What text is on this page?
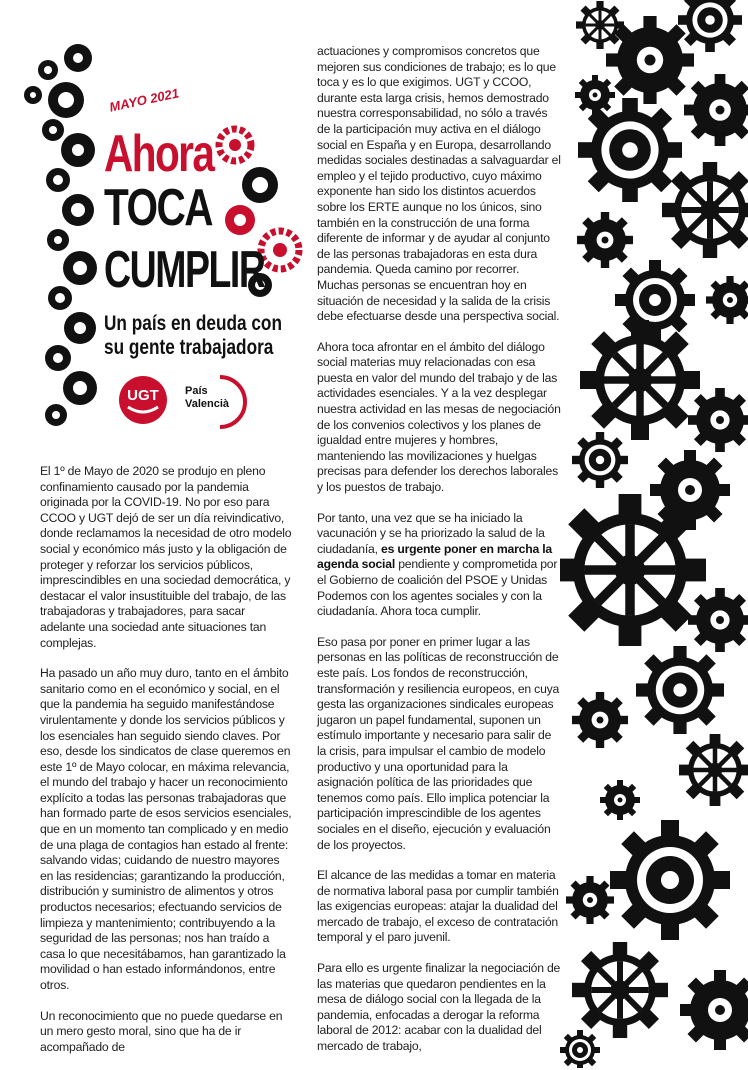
MAYO 2021
Ahora
TOCA
CUMPLIR
Un país en deuda con
su gente trabajadora
UGT País
Valencià

El 1º de Mayo de 2020 se produjo en pleno confinamiento causado por la pandemia originada por la COVID-19. No por eso para CCOO y UGT dejó de ser un día reivindicativo, donde reclamamos la necesidad de otro modelo social y económico más justo y la obligación de proteger y reforzar los servicios públicos, imprescindibles en una sociedad democrática, y destacar el valor insustituible del trabajo, de las trabajadoras y trabajadores, para sacar adelante una sociedad ante situaciones tan complejas.

Ha pasado un año muy duro, tanto en el ámbito sanitario como en el económico y social, en el que la pandemia ha seguido manifestándose virulentamente y donde los servicios públicos y los esenciales han seguido siendo claves. Por eso, desde los sindicatos de clase queremos en este 1º de Mayo colocar, en máxima relevancia, el mundo del trabajo y hacer un reconocimiento explícito a todas las personas trabajadoras que han formado parte de esos servicios esenciales, que en un momento tan complicado y en medio de una plaga de contagios han estado al frente: salvando vidas; cuidando de nuestro mayores en las residencias; garantizando la producción, distribución y suministro de alimentos y otros productos necesarios; efectuando servicios de limpieza y mantenimiento; contribuyendo a la seguridad de las personas; nos han traído a casa lo que necesitábamos, han garantizado la movilidad o han estado informándonos, entre otros.

Un reconocimiento que no puede quedarse en un mero gesto moral, sino que ha de ir acompañado de

actuaciones y compromisos concretos que mejoren sus condiciones de trabajo; es lo que toca y es lo que exigimos. UGT y CCOO, durante esta larga crisis, hemos demostrado nuestra corresponsabilidad, no sólo a través de la participación muy activa en el diálogo social en España y en Europa, desarrollando medidas sociales destinadas a salvaguardar el empleo y el tejido productivo, cuyo máximo exponente han sido los distintos acuerdos sobre los ERTE aunque no los únicos, sino también en la construcción de una forma diferente de informar y de ayudar al conjunto de las personas trabajadoras en esta dura pandemia. Queda camino por recorrer. Muchas personas se encuentran hoy en situación de necesidad y la salida de la crisis debe efectuarse desde una perspectiva social.

Ahora toca afrontar en el ámbito del diálogo social materias muy relacionadas con esa puesta en valor del mundo del trabajo y de las actividades esenciales. Y a la vez desplegar nuestra actividad en las mesas de negociación de los convenios colectivos y los planes de igualdad entre mujeres y hombres, manteniendo las movilizaciones y huelgas precisas para defender los derechos laborales y los puestos de trabajo.

Por tanto, una vez que se ha iniciado la vacunación y se ha priorizado la salud de la ciudadanía, es urgente poner en marcha la agenda social pendiente y comprometida por el Gobierno de coalición del PSOE y Unidas Podemos con los agentes sociales y con la ciudadanía. Ahora toca cumplir.

Eso pasa por poner en primer lugar a las personas en las políticas de reconstrucción de este país. Los fondos de reconstrucción, transformación y resiliencia europeos, en cuya gesta las organizaciones sindicales europeas jugaron un papel fundamental, suponen un estímulo importante y necesario para salir de la crisis, para impulsar el cambio de modelo productivo y una oportunidad para la asignación política de las prioridades que tenemos como país. Ello implica potenciar la participación imprescindible de los agentes sociales en el diseño, ejecución y evaluación de los proyectos.

El alcance de las medidas a tomar en materia de normativa laboral pasa por cumplir también las exigencias europeas: atajar la dualidad del mercado de trabajo, el exceso de contratación temporal y el paro juvenil.

Para ello es urgente finalizar la negociación de las materias que quedaron pendientes en la mesa de diálogo social con la llegada de la pandemia, enfocadas a derogar la reforma laboral de 2012: acabar con la dualidad del mercado de trabajo,
